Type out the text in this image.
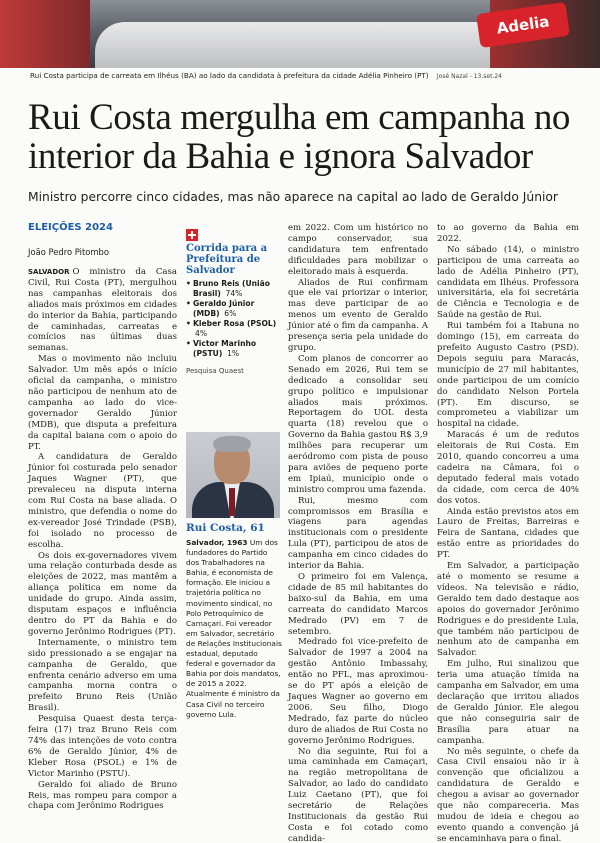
Adelia
Rui Costa participa de carreata em Ilhéus (BA) ao lado da candidata à prefeitura da cidade Adélia Pinheiro (PT) José Nazal - 13.set.24
Rui Costa mergulha em campanha no interior da Bahia e ignora Salvador
Ministro percorre cinco cidades, mas não aparece na capital ao lado de Geraldo Júnior
ELEIÇÕES 2024
João Pedro Pitombo

SALVADOR O ministro da Casa Civil, Rui Costa (PT), mergulhou nas campanhas eleitorais dos aliados mais próximos em cidades do interior da Bahia, participando de caminhadas, carreatas e comícios nas últimas duas semanas.

Mas o movimento não incluiu Salvador. Um mês após o início oficial da campanha, o ministro não participou de nenhum ato de campanha ao lado do vice-governador Geraldo Júnior (MDB), que disputa a prefeitura da capital baiana com o apoio do PT.

A candidatura de Geraldo Júnior foi costurada pelo senador Jaques Wagner (PT), que prevaleceu na disputa interna com Rui Costa na base aliada. O ministro, que defendia o nome do ex-vereador José Trindade (PSB), foi isolado no processo de escolha.

Os dois ex-governadores vivem uma relação conturbada desde as eleições de 2022, mas mantêm a aliança política em nome da unidade do grupo. Ainda assim, disputam espaços e influência dentro do PT da Bahia e do governo Jerônimo Rodrigues (PT).

Internamente, o ministro tem sido pressionado a se engajar na campanha de Geraldo, que enfrenta cenário adverso em uma campanha morna contra o prefeito Bruno Reis (União Brasil).

Pesquisa Quaest desta terça-feira (17) traz Bruno Reis com 74% das intenções de voto contra 6% de Geraldo Júnior, 4% de Kleber Rosa (PSOL) e 1% de Victor Marinho (PSTU).

Geraldo foi aliado de Bruno Reis, mas rompeu para compor a chapa com Jerônimo Rodrigues

Corrida para a Prefeitura de Salvador
• Bruno Reis (União Brasil) 74%
• Geraldo Júnior (MDB) 6%
• Kleber Rosa (PSOL) 4%
• Victor Marinho (PSTU) 1%
Pesquisa Quaest
Rui Costa, 61
Salvador, 1963 Um dos fundadores do Partido dos Trabalhadores na Bahia, é economista de formação. Ele iniciou a trajetória política no movimento sindical, no Polo Petroquímico de Camaçari. Foi vereador em Salvador, secretário de Relações Institucionais estadual, deputado federal e governador da Bahia por dois mandatos, de 2015 a 2022. Atualmente é ministro da Casa Civil no terceiro governo Lula.

em 2022. Com um histórico no campo conservador, sua candidatura tem enfrentado dificuldades para mobilizar o eleitorado mais à esquerda.

Aliados de Rui confirmam que ele vai priorizar o interior, mas deve participar de ao menos um evento de Geraldo Júnior até o fim da campanha. A presença seria pela unidade do grupo.

Com planos de concorrer ao Senado em 2026, Rui tem se dedicado a consolidar seu grupo político e impulsionar aliados mais próximos. Reportagem do UOL desta quarta (18) revelou que o Governo da Bahia gastou R$ 3,9 milhões para recuperar um aeródromo com pista de pouso para aviões de pequeno porte em Ipiaú, município onde o ministro comprou uma fazenda.

Rui, mesmo com compromissos em Brasília e viagens para agendas institucionais com o presidente Lula (PT), participou de atos de campanha em cinco cidades do interior da Bahia.

O primeiro foi em Valença, cidade de 85 mil habitantes do baixo-sul da Bahia, em uma carreata do candidato Marcos Medrado (PV) em 7 de setembro.

Medrado foi vice-prefeito de Salvador de 1997 a 2004 na gestão Antônio Imbassahy, então no PFL, mas aproximou-se do PT após a eleição de Jaques Wagner ao governo em 2006. Seu filho, Diogo Medrado, faz parte do núcleo duro de aliados de Rui Costa no governo Jerônimo Rodrigues.

No dia seguinte, Rui foi a uma caminhada em Camaçari, na região metropolitana de Salvador, ao lado do candidato Luiz Caetano (PT), que foi secretário de Relações Institucionais da gestão Rui Costa e foi cotado como candida-

to ao governo da Bahia em 2022.

No sábado (14), o ministro participou de uma carreata ao lado de Adélia Pinheiro (PT), candidata em Ilhéus. Professora universitária, ela foi secretária de Ciência e Tecnologia e de Saúde na gestão de Rui.

Rui também foi a Itabuna no domingo (15), em carreata do prefeito Augusto Castro (PSD). Depois seguiu para Maracás, município de 27 mil habitantes, onde participou de um comício do candidato Nelson Portela (PT). Em discurso, se comprometeu a viabilizar um hospital na cidade.

Maracás é um de redutos eleitorais de Rui Costa. Em 2010, quando concorreu a uma cadeira na Câmara, foi o deputado federal mais votado da cidade, com cerca de 40% dos votos.

Ainda estão previstos atos em Lauro de Freitas, Barreiras e Feira de Santana, cidades que estão entre as prioridades do PT.

Em Salvador, a participação até o momento se resume a vídeos. Na televisão e rádio, Geraldo tem dado destaque aos apoios do governador Jerônimo Rodrigues e do presidente Lula, que também não participou de nenhum ato de campanha em Salvador.

Em julho, Rui sinalizou que teria uma atuação tímida na campanha em Salvador, em uma declaração que irritou aliados de Geraldo Júnior. Ele alegou que não conseguiria sair de Brasília para atuar na campanha.

No mês seguinte, o chefe da Casa Civil ensaiou não ir à convenção que oficializou a candidatura de Geraldo e chegou a avisar ao governador que não compareceria. Mas mudou de ideia e chegou ao evento quando a convenção já se encaminhava para o final.
